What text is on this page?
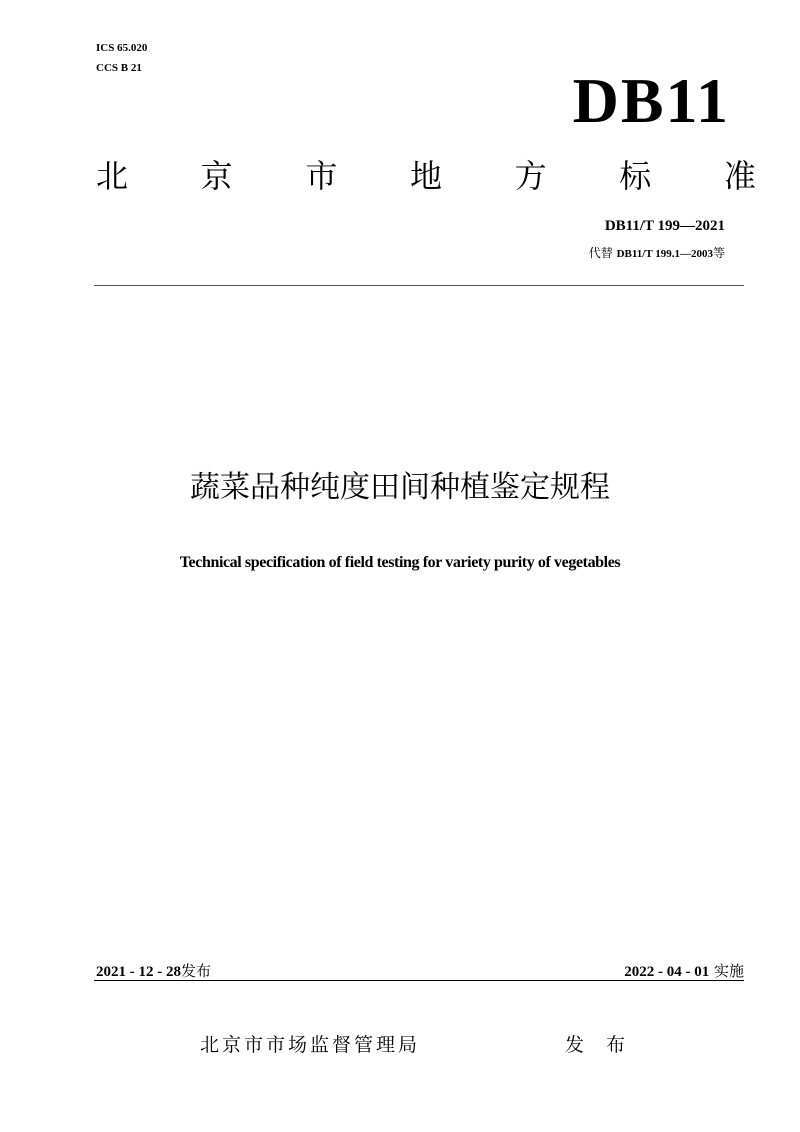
ICS 65.020
CCS B 21	DB11
北 京 市 地 方 标 准
DB11/T 199—2021
代替 DB11/T 199.1—2003等
蔬菜品种纯度田间种植鉴定规程
Technical specification of field testing for variety purity of vegetables
2021 - 12 - 28发布	2022 - 04 - 01 实施
北京市市场监督管理局	发 布
